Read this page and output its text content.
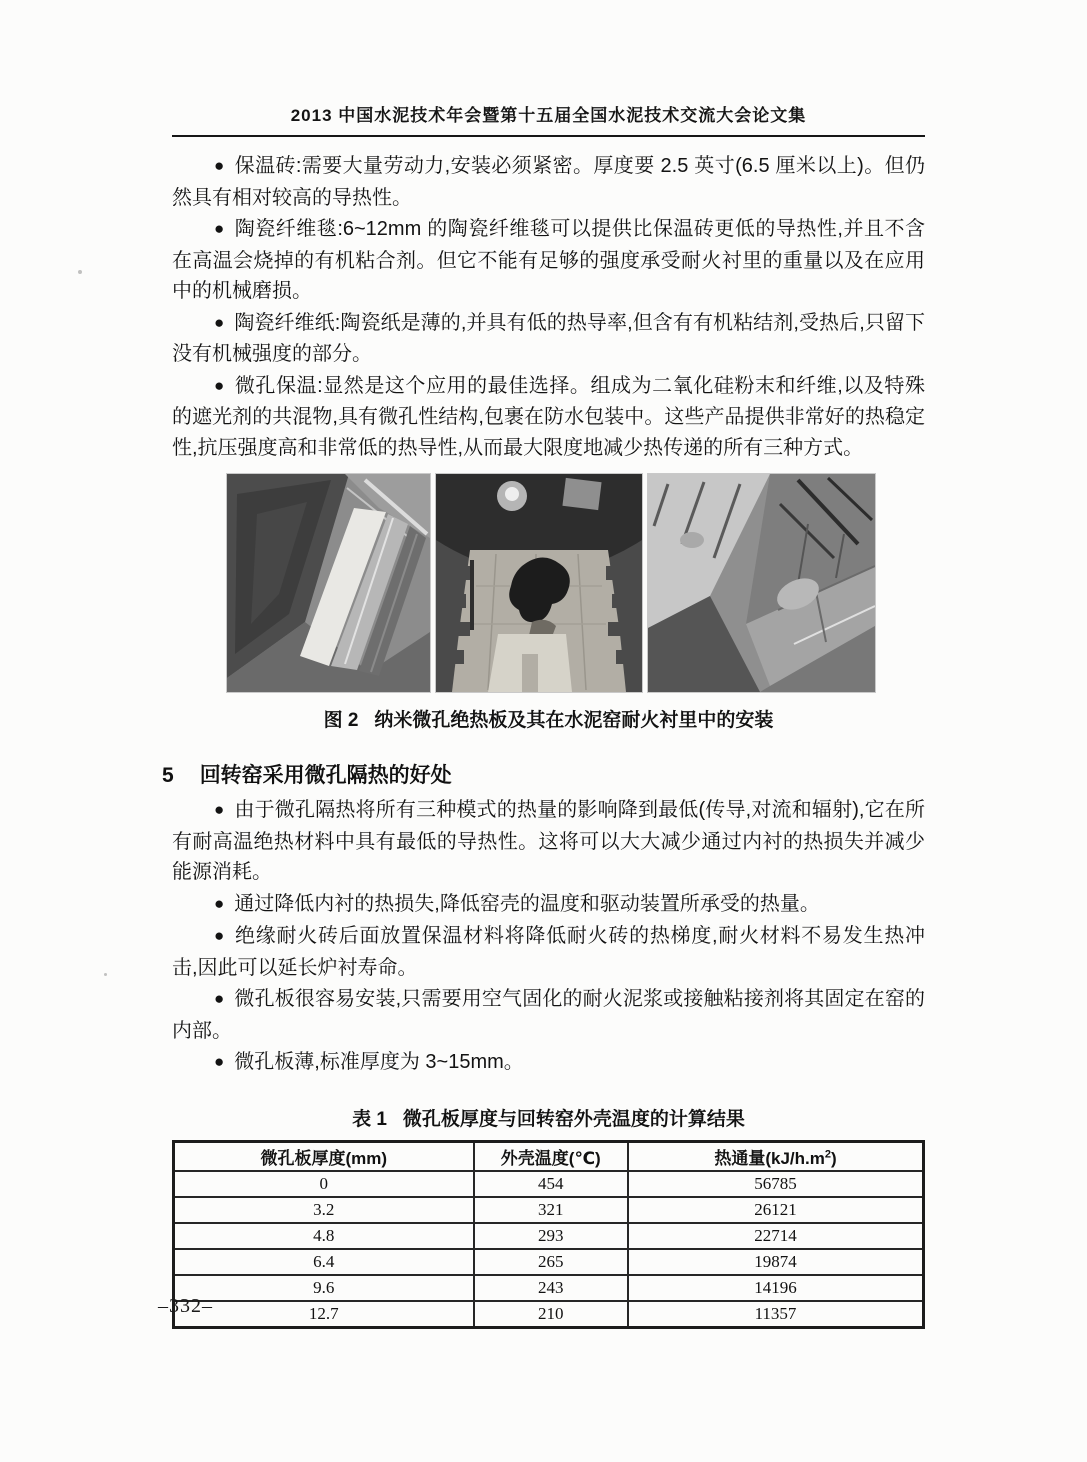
2013 中国水泥技术年会暨第十五届全国水泥技术交流大会论文集

● 保温砖:需要大量劳动力,安装必须紧密。厚度要 2.5 英寸(6.5 厘米以上)。但仍然具有相对较高的导热性。

● 陶瓷纤维毯:6~12mm 的陶瓷纤维毯可以提供比保温砖更低的导热性,并且不含在高温会烧掉的有机粘合剂。但它不能有足够的强度承受耐火衬里的重量以及在应用中的机械磨损。

● 陶瓷纤维纸:陶瓷纸是薄的,并具有低的热导率,但含有有机粘结剂,受热后,只留下没有机械强度的部分。

● 微孔保温:显然是这个应用的最佳选择。组成为二氧化硅粉末和纤维,以及特殊的遮光剂的共混物,具有微孔性结构,包裹在防水包装中。这些产品提供非常好的热稳定性,抗压强度高和非常低的热导性,从而最大限度地减少热传递的所有三种方式。

图 2 纳米微孔绝热板及其在水泥窑耐火衬里中的安装
5 回转窑采用微孔隔热的好处

● 由于微孔隔热将所有三种模式的热量的影响降到最低(传导,对流和辐射),它在所有耐高温绝热材料中具有最低的导热性。这将可以大大减少通过内衬的热损失并减少能源消耗。

● 通过降低内衬的热损失,降低窑壳的温度和驱动装置所承受的热量。

● 绝缘耐火砖后面放置保温材料将降低耐火砖的热梯度,耐火材料不易发生热冲击,因此可以延长炉衬寿命。

● 微孔板很容易安装,只需要用空气固化的耐火泥浆或接触粘接剂将其固定在窑的内部。

● 微孔板薄,标准厚度为 3~15mm。

表 1 微孔板厚度与回转窑外壳温度的计算结果
微孔板厚度(mm)	外壳温度(℃)	热通量$(kJ/h.m^2)$
0	454	56785
3.2	321	26121
4.8	293	22714
6.4	265	19874
9.6	243	14196
12.7	210	11357
–332–
